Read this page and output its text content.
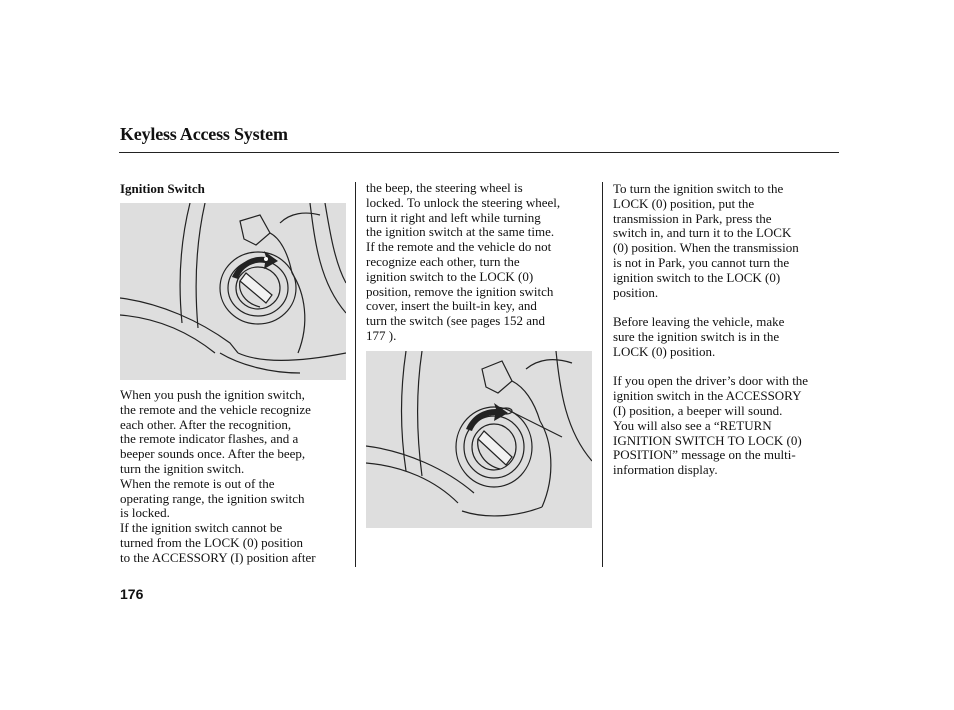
Keyless Access System
Ignition Switch

When you push the ignition switch,

the remote and the vehicle recognize

each other. After the recognition,

the remote indicator flashes, and a

beeper sounds once. After the beep,

turn the ignition switch.

When the remote is out of the

operating range, the ignition switch

is locked.

If the ignition switch cannot be

turned from the LOCK (0) position

to the ACCESSORY (I) position after

the beep, the steering wheel is

locked. To unlock the steering wheel,

turn it right and left while turning

the ignition switch at the same time.

If the remote and the vehicle do not

recognize each other, turn the

ignition switch to the LOCK (0)

position, remove the ignition switch

cover, insert the built-in key, and

turn the switch (see pages 152 and

177 ).

To turn the ignition switch to the

LOCK (0) position, put the

transmission in Park, press the

switch in, and turn it to the LOCK

(0) position. When the transmission

is not in Park, you cannot turn the

ignition switch to the LOCK (0)

position.

Before leaving the vehicle, make

sure the ignition switch is in the

LOCK (0) position.

If you open the driver’s door with the

ignition switch in the ACCESSORY

(I) position, a beeper will sound.

You will also see a “RETURN

IGNITION SWITCH TO LOCK (0)

POSITION” message on the multi-

information display.

176
